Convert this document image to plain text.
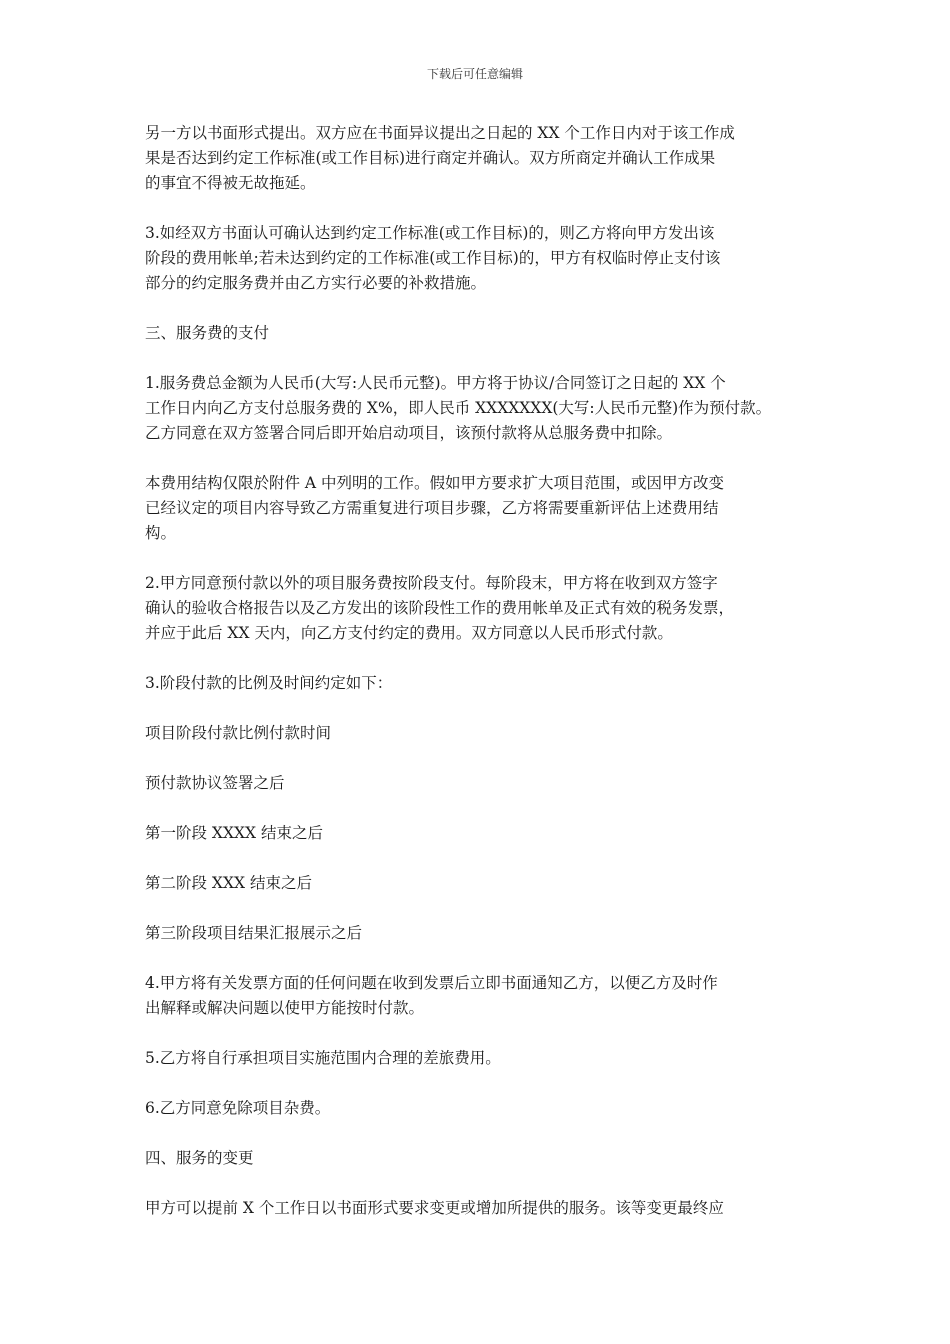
下载后可任意编辑
另一方以书面形式提出。双方应在书面异议提出之日起的 XX 个工作日内对于该工作成
果是否达到约定工作标准(或工作目标)进行商定并确认。双方所商定并确认工作成果
的事宜不得被无故拖延。
3.如经双方书面认可确认达到约定工作标准(或工作目标)的，则乙方将向甲方发出该
阶段的费用帐单;若未达到约定的工作标准(或工作目标)的，甲方有权临时停止支付该
部分的约定服务费并由乙方实行必要的补救措施。
三、服务费的支付
1.服务费总金额为人民币(大写:人民币元整)。甲方将于协议/合同签订之日起的 XX 个
工作日内向乙方支付总服务费的 X%，即人民币 XXXXXXX(大写:人民币元整)作为预付款。
乙方同意在双方签署合同后即开始启动项目，该预付款将从总服务费中扣除。
本费用结构仅限於附件 A 中列明的工作。假如甲方要求扩大项目范围，或因甲方改变
已经议定的项目内容导致乙方需重复进行项目步骤，乙方将需要重新评估上述费用结
构。
2.甲方同意预付款以外的项目服务费按阶段支付。每阶段末，甲方将在收到双方签字
确认的验收合格报告以及乙方发出的该阶段性工作的费用帐单及正式有效的税务发票，
并应于此后 XX 天内，向乙方支付约定的费用。双方同意以人民币形式付款。
3.阶段付款的比例及时间约定如下：
项目阶段付款比例付款时间
预付款协议签署之后
第一阶段 XXXX 结束之后
第二阶段 XXX 结束之后
第三阶段项目结果汇报展示之后
4.甲方将有关发票方面的任何问题在收到发票后立即书面通知乙方，以便乙方及时作
出解释或解决问题以使甲方能按时付款。
5.乙方将自行承担项目实施范围内合理的差旅费用。
6.乙方同意免除项目杂费。
四、服务的变更
甲方可以提前 X 个工作日以书面形式要求变更或增加所提供的服务。该等变更最终应
